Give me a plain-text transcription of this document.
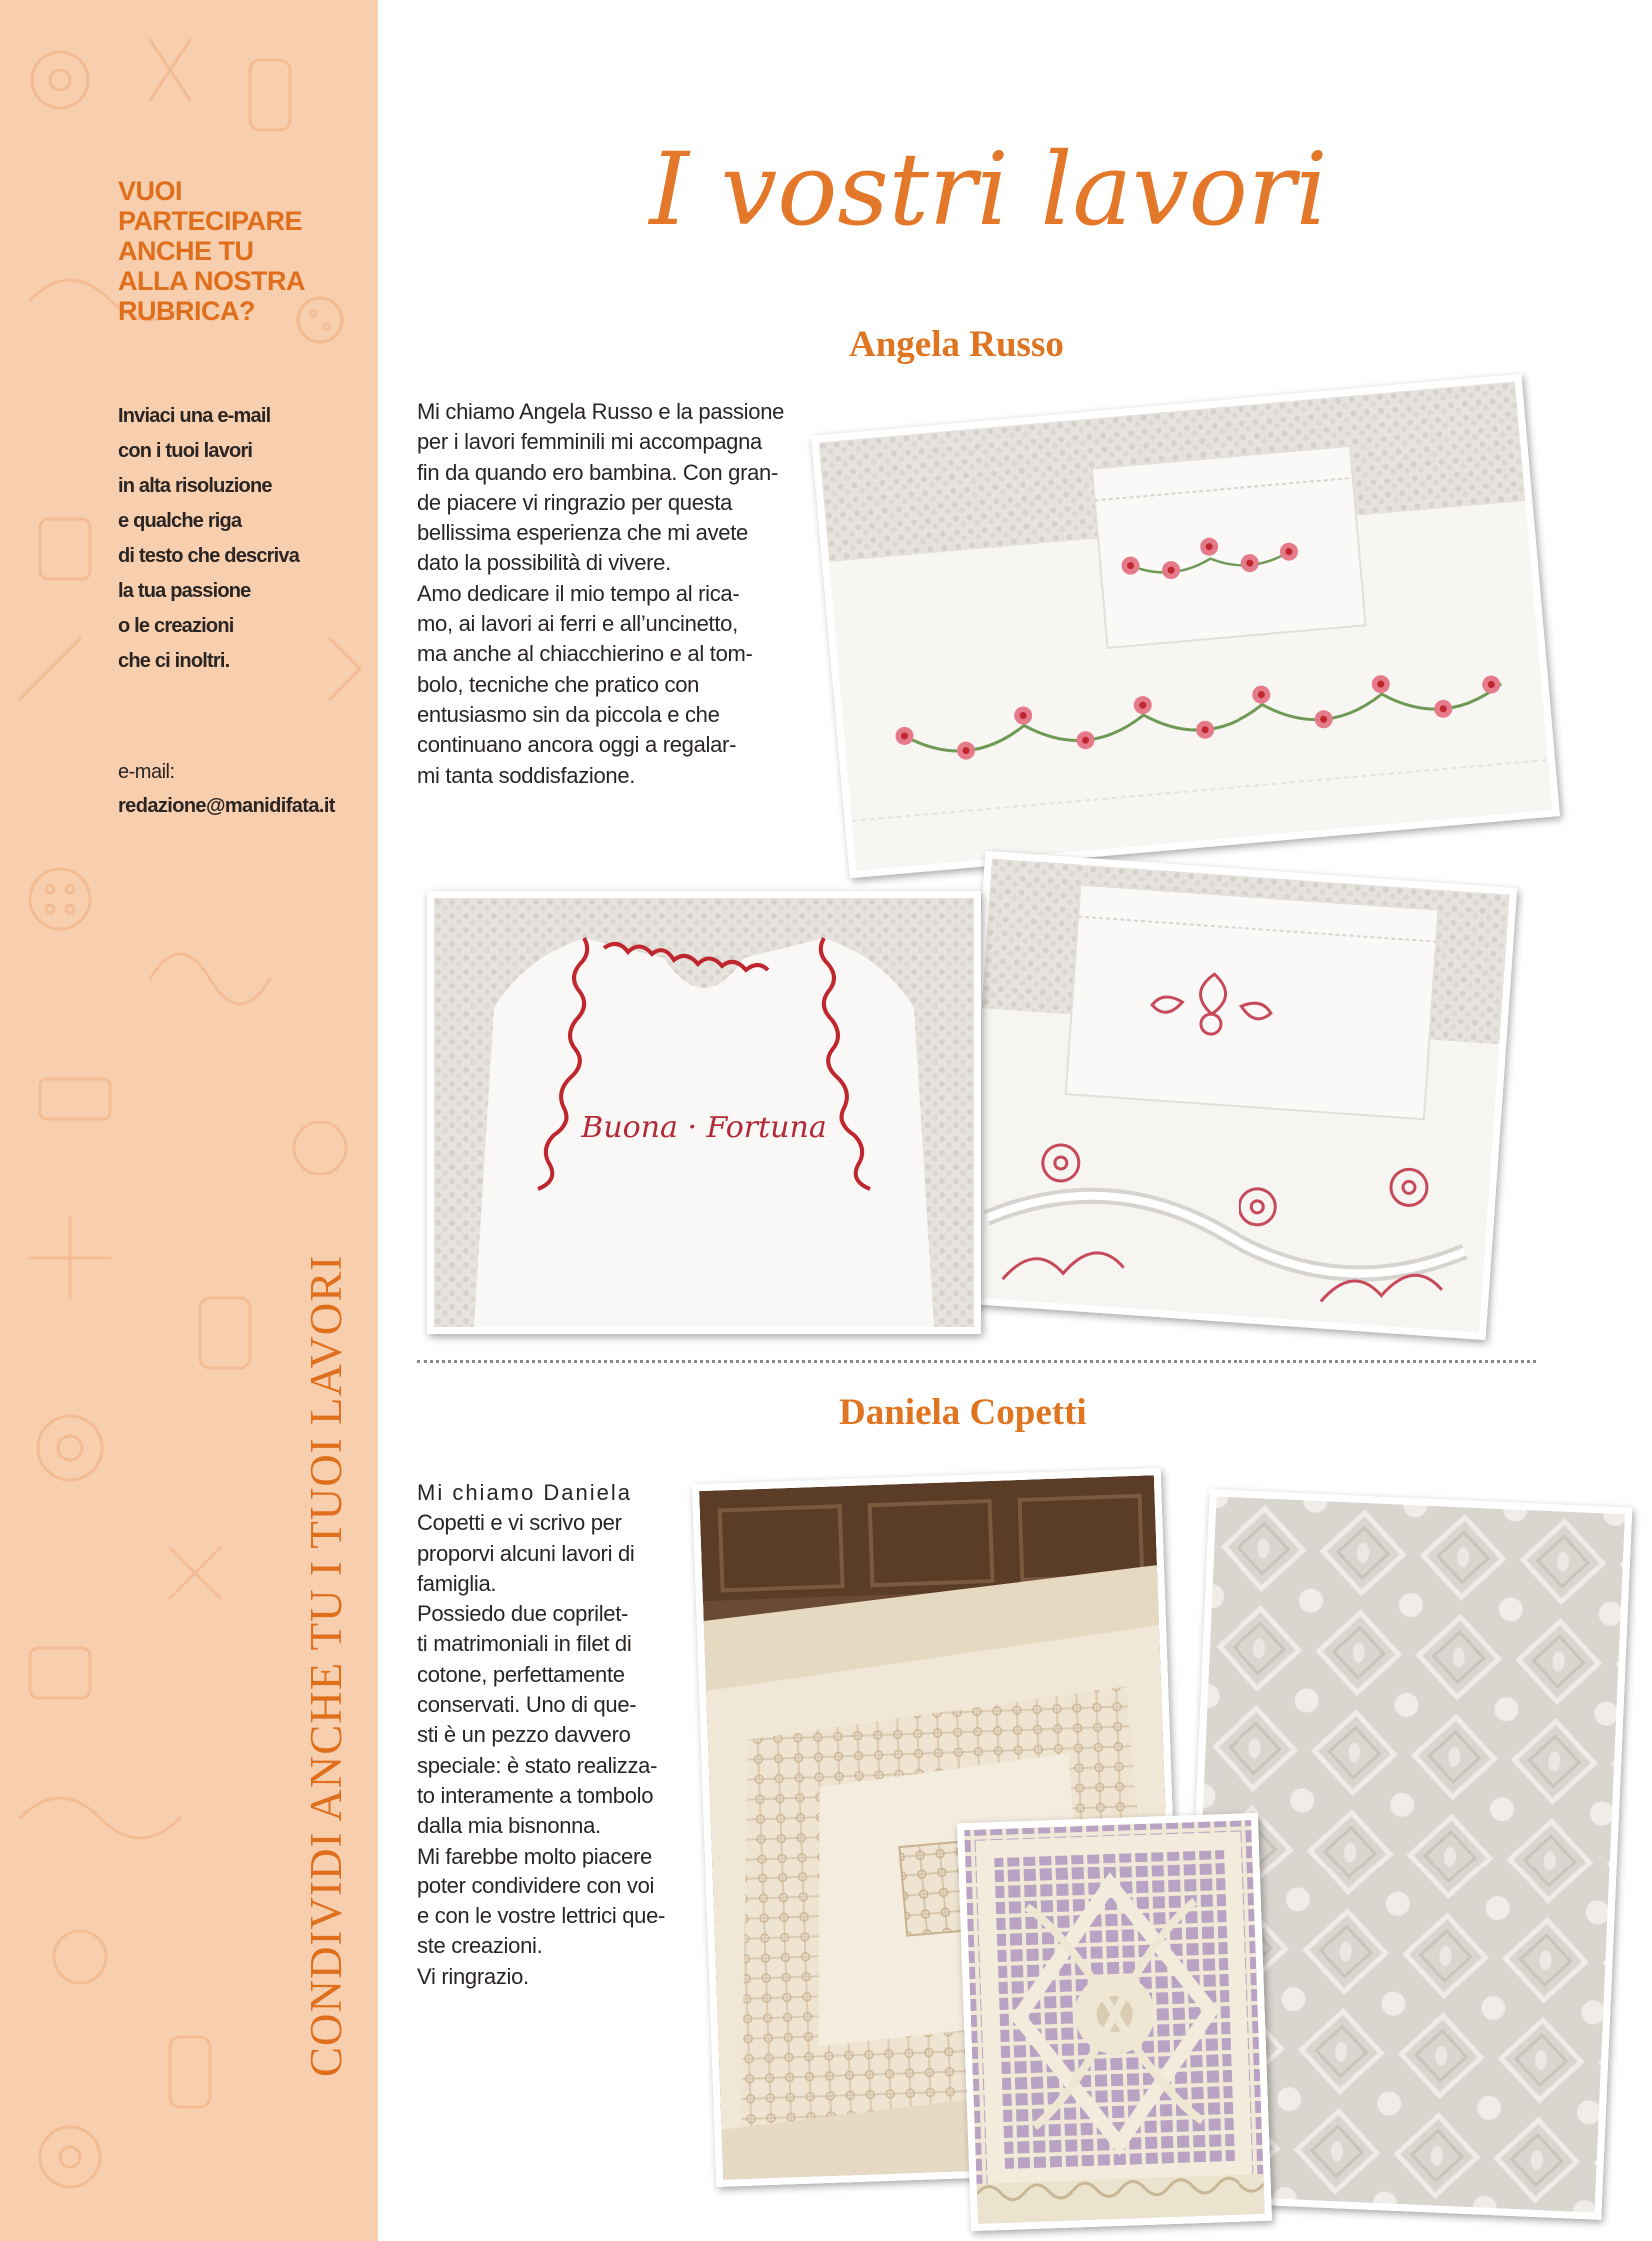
VUOI
PARTECIPARE
ANCHE TU
ALLA NOSTRA
RUBRICA?

Inviaci una e-mail
con i tuoi lavori
in alta risoluzione
e qualche riga
di testo che descriva
la tua passione
o le creazioni
che ci inoltri.

e-mail:
redazione@manidifata.it
CONDIVIDI ANCHE TU I TUOI LAVORI
I vostri lavori
Angela Russo

Mi chiamo Angela Russo e la passione
per i lavori femminili mi accompagna
fin da quando ero bambina. Con gran-
de piacere vi ringrazio per questa
bellissima esperienza che mi avete
dato la possibilità di vivere.
Amo dedicare il mio tempo al rica-
mo, ai lavori ai ferri e all’uncinetto,
ma anche al chiacchierino e al tom-
bolo, tecniche che pratico con
entusiasmo sin da piccola e che
continuano ancora oggi a regalar-
mi tanta soddisfazione.

Buona · Fortuna
Daniela Copetti

Mi chiamo Daniela
Copetti e vi scrivo per
proporvi alcuni lavori di
famiglia.
Possiedo due coprilet-
ti matrimoniali in filet di
cotone, perfettamente
conservati. Uno di que-
sti è un pezzo davvero
speciale: è stato realizza-
to interamente a tombolo
dalla mia bisnonna.
Mi farebbe molto piacere
poter condividere con voi
e con le vostre lettrici que-
ste creazioni.
Vi ringrazio.
